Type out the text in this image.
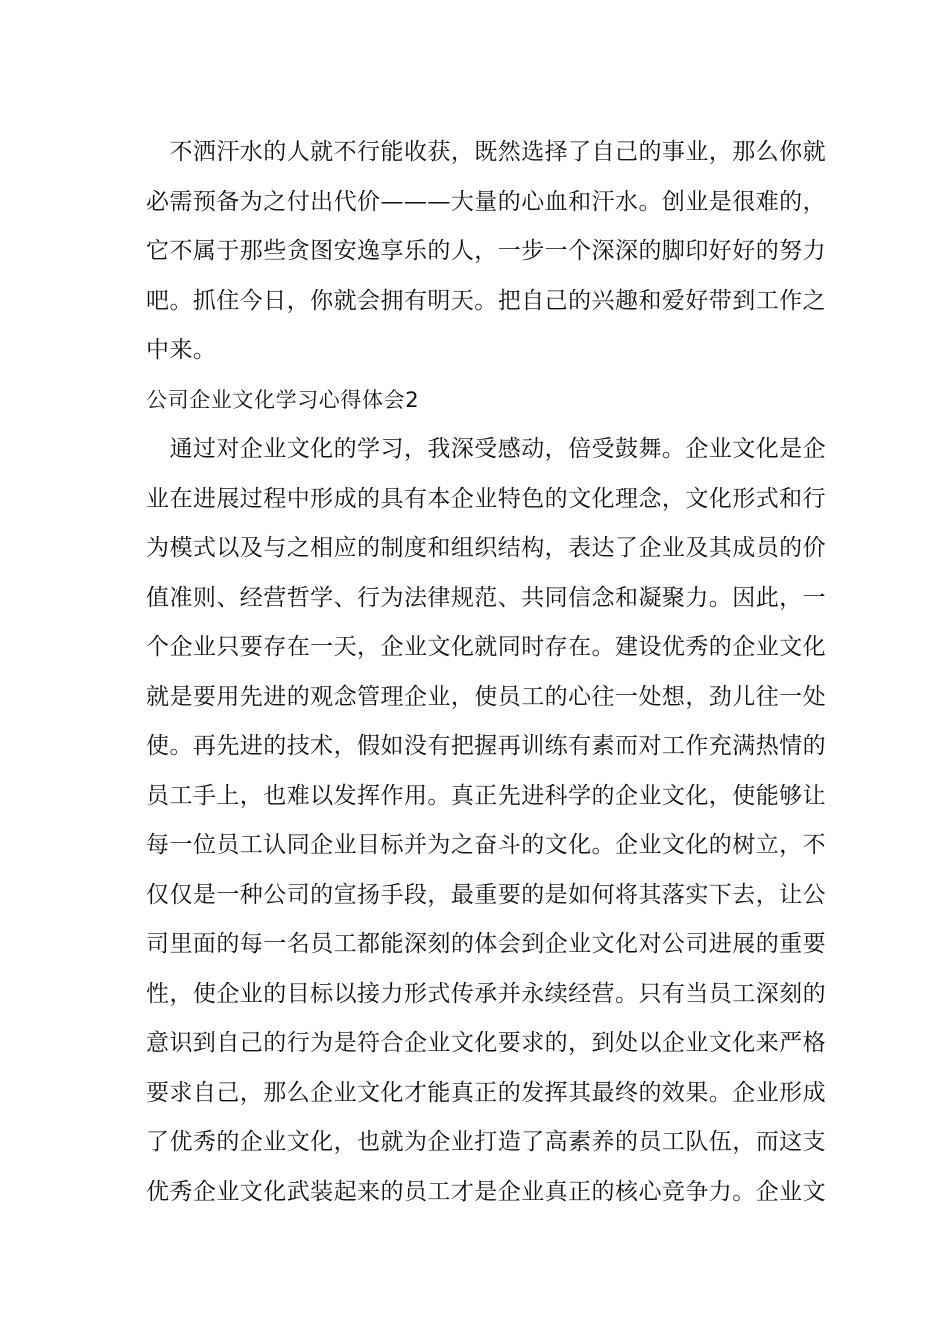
　不洒汗水的人就不行能收获，既然选择了自己的事业，那么你就
必需预备为之付出代价———大量的心血和汗水。创业是很难的，
它不属于那些贪图安逸享乐的人，一步一个深深的脚印好好的努力
吧。抓住今日，你就会拥有明天。把自己的兴趣和爱好带到工作之
中来。
公司企业文化学习心得体会2
　通过对企业文化的学习，我深受感动，倍受鼓舞。企业文化是企
业在进展过程中形成的具有本企业特色的文化理念，文化形式和行
为模式以及与之相应的制度和组织结构，表达了企业及其成员的价
值准则、经营哲学、行为法律规范、共同信念和凝聚力。因此，一
个企业只要存在一天，企业文化就同时存在。建设优秀的企业文化
就是要用先进的观念管理企业，使员工的心往一处想，劲儿往一处
使。再先进的技术，假如没有把握再训练有素而对工作充满热情的
员工手上，也难以发挥作用。真正先进科学的企业文化，使能够让
每一位员工认同企业目标并为之奋斗的文化。企业文化的树立，不
仅仅是一种公司的宣扬手段，最重要的是如何将其落实下去，让公
司里面的每一名员工都能深刻的体会到企业文化对公司进展的重要
性，使企业的目标以接力形式传承并永续经营。只有当员工深刻的
意识到自己的行为是符合企业文化要求的，到处以企业文化来严格
要求自己，那么企业文化才能真正的发挥其最终的效果。企业形成
了优秀的企业文化，也就为企业打造了高素养的员工队伍，而这支
优秀企业文化武装起来的员工才是企业真正的核心竞争力。企业文
